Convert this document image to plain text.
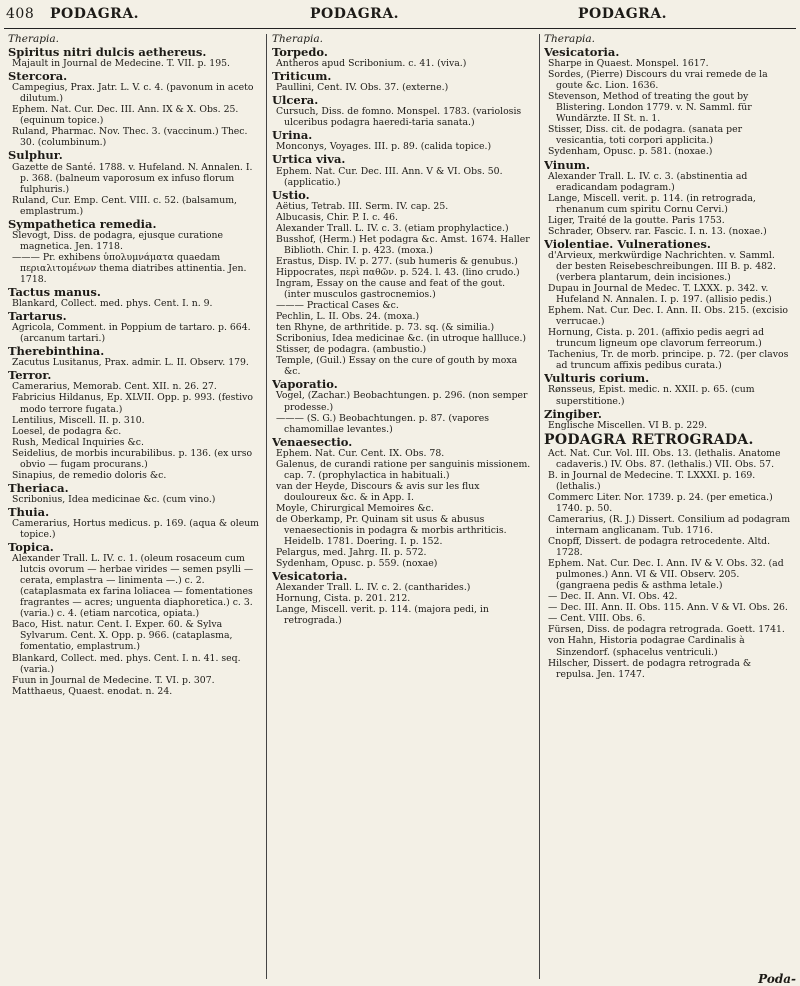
408 PODAGRA.	PODAGRA.	PODAGRA.
Therapia.
Spiritus nitri dulcis aethereus.
Majault in Journal de Medecine. T. VII. p. 195.
Stercora.
Campegius, Prax. Jatr. L. V. c. 4. (pavonum in aceto dilutum.)
Ephem. Nat. Cur. Dec. III. Ann. IX & X. Obs. 25. (equinum topice.)
Ruland, Pharmac. Nov. Thec. 3. (vaccinum.) Thec. 30. (columbinum.)
Sulphur.
Gazette de Santé. 1788. v. Hufeland. N. Annalen. I. p. 368. (balneum vaporosum ex infuso florum fulphuris.)
Ruland, Cur. Emp. Cent. VIII. c. 52. (balsamum, emplastrum.)
Sympathetica remedia.
Slevogt, Diss. de podagra, ejusque curatione magnetica. Jen. 1718.
——— Pr. exhibens ὑπολυμνάματα quaedam περιαλιτομένων thema diatribes attinentia. Jen. 1718.
Tactus manus.
Blankard, Collect. med. phys. Cent. I. n. 9.
Tartarus.
Agricola, Comment. in Poppium de tartaro. p. 664. (arcanum tartari.)
Therebinthina.
Zacutus Lusitanus, Prax. admir. L. II. Observ. 179.
Terror.
Camerarius, Memorab. Cent. XII. n. 26. 27.
Fabricius Hildanus, Ep. XLVII. Opp. p. 993. (festivo modo terrore fugata.)
Lentilius, Miscell. II. p. 310.
Loesel, de podagra &c.
Rush, Medical Inquiries &c.
Seidelius, de morbis incurabilibus. p. 136. (ex urso obvio — fugam procurans.)
Sinapius, de remedio doloris &c.
Theriaca.
Scribonius, Idea medicinae &c. (cum vino.)
Thuia.
Camerarius, Hortus medicus. p. 169. (aqua & oleum topice.)
Topica.
Alexander Trall. L. IV. c. 1. (oleum rosaceum cum lutcis ovorum — herbae virides — semen psylli — cerata, emplastra — linimenta —.) c. 2. (cataplasmata ex farina loliacea — fomentationes fragrantes — acres; unguenta diaphoretica.) c. 3. (varia.) c. 4. (etiam narcotica, opiata.)
Baco, Hist. natur. Cent. I. Exper. 60. & Sylva Sylvarum. Cent. X. Opp. p. 966. (cataplasma, fomentatio, emplastrum.)
Blankard, Collect. med. phys. Cent. I. n. 41. seq. (varia.)
Fuun in Journal de Medecine. T. VI. p. 307.
Matthaeus, Quaest. enodat. n. 24.
Therapia.
Torpedo.
Antheros apud Scribonium. c. 41. (viva.)
Triticum.
Paullini, Cent. IV. Obs. 37. (externe.)
Ulcera.
Cursuch, Diss. de fomno. Monspel. 1783. (variolosis ulceribus podagra haeredi-taria sanata.)
Urina.
Monconys, Voyages. III. p. 89. (calida topice.)
Urtica viva.
Ephem. Nat. Cur. Dec. III. Ann. V & VI. Obs. 50. (applicatio.)
Ustio.
Aëtius, Tetrab. III. Serm. IV. cap. 25.
Albucasis, Chir. P. I. c. 46.
Alexander Trall. L. IV. c. 3. (etiam prophylactice.)
Busshof, (Herm.) Het podagra &c. Amst. 1674. Haller Biblioth. Chir. I. p. 423. (moxa.)
Erastus, Disp. IV. p. 277. (sub humeris & genubus.)
Hippocrates, περὶ παθῶν. p. 524. l. 43. (lino crudo.)
Ingram, Essay on the cause and feat of the gout. (inter musculos gastrocnemios.)
——— Practical Cases &c.
Pechlin, L. II. Obs. 24. (moxa.)
ten Rhyne, de arthritide. p. 73. sq. (& similia.)
Scribonius, Idea medicinae &c. (in utroque hallluce.)
Stisser, de podagra. (ambustio.)
Temple, (Guil.) Essay on the cure of gouth by moxa &c.
Vaporatio.
Vogel, (Zachar.) Beobachtungen. p. 296. (non semper prodesse.)
——— (S. G.) Beobachtungen. p. 87. (vapores chamomillae levantes.)
Venaesectio.
Ephem. Nat. Cur. Cent. IX. Obs. 78.
Galenus, de curandi ratione per sanguinis missionem. cap. 7. (prophylactica in habituali.)
van der Heyde, Discours & avis sur les flux douloureux &c. & in App. I.
Moyle, Chirurgical Memoires &c.
de Oberkamp, Pr. Quinam sit usus & abusus venaesectionis in podagra & morbis arthriticis. Heidelb. 1781. Doering. I. p. 152.
Pelargus, med. Jahrg. II. p. 572.
Sydenham, Opusc. p. 559. (noxae)
Vesicatoria.
Alexander Trall. L. IV. c. 2. (cantharides.)
Hornung, Cista. p. 201. 212.
Lange, Miscell. verit. p. 114. (majora pedi, in retrograda.)
Therapia.
Vesicatoria.
Sharpe in Quaest. Monspel. 1617.
Sordes, (Pierre) Discours du vrai remede de la goute &c. Lion. 1636.
Stevenson, Method of treating the gout by Blistering. London 1779. v. N. Samml. für Wundärzte. II St. n. 1.
Stisser, Diss. cit. de podagra. (sanata per vesicantia, toti corpori applicita.)
Sydenham, Opusc. p. 581. (noxae.)
Vinum.
Alexander Trall. L. IV. c. 3. (abstinentia ad eradicandam podagram.)
Lange, Miscell. verit. p. 114. (in retrograda, rhenanum cum spiritu Cornu Cervi.)
Liger, Traité de la goutte. Paris 1753.
Schrader, Observ. rar. Fascic. I. n. 13. (noxae.)
Violentiae. Vulnerationes.
d'Arvieux, merkwürdige Nachrichten. v. Samml. der besten Reisebeschreibungen. III B. p. 482. (verbera plantarum, dein incisiones.)
Dupau in Journal de Medec. T. LXXX. p. 342. v. Hufeland N. Annalen. I. p. 197. (allisio pedis.)
Ephem. Nat. Cur. Dec. I. Ann. II. Obs. 215. (excisio verrucae.)
Hornung, Cista. p. 201. (affixio pedis aegri ad truncum ligneum ope clavorum ferreorum.)
Tachenius, Tr. de morb. principe. p. 72. (per clavos ad truncum affixis pedibus curata.)
Vulturis corium.
Rønsseus, Epist. medic. n. XXII. p. 65. (cum superstitione.)
Zingiber.
Englische Miscellen. VI B. p. 229.
PODAGRA RETROGRADA.
Act. Nat. Cur. Vol. III. Obs. 13. (lethalis. Anatome cadaveris.) IV. Obs. 87. (lethalis.) VII. Obs. 57.
B. in Journal de Medecine. T. LXXXI. p. 169. (lethalis.)
Commerc Liter. Nor. 1739. p. 24. (per emetica.) 1740. p. 50.
Camerarius, (R. J.) Dissert. Consilium ad podagram internam anglicanam. Tub. 1716.
Cnopff, Dissert. de podagra retrocedente. Altd. 1728.
Ephem. Nat. Cur. Dec. I. Ann. IV & V. Obs. 32. (ad pulmones.) Ann. VI & VII. Observ. 205. (gangraena pedis & asthma letale.)
— Dec. II. Ann. VI. Obs. 42.
— Dec. III. Ann. II. Obs. 115. Ann. V & VI. Obs. 26.
— Cent. VIII. Obs. 6.
Fürsen, Diss. de podagra retrograda. Goett. 1741.
von Hahn, Historia podagrae Cardinalis à Sinzendorf. (sphacelus ventriculi.)
Hilscher, Dissert. de podagra retrograda & repulsa. Jen. 1747.
Poda-
